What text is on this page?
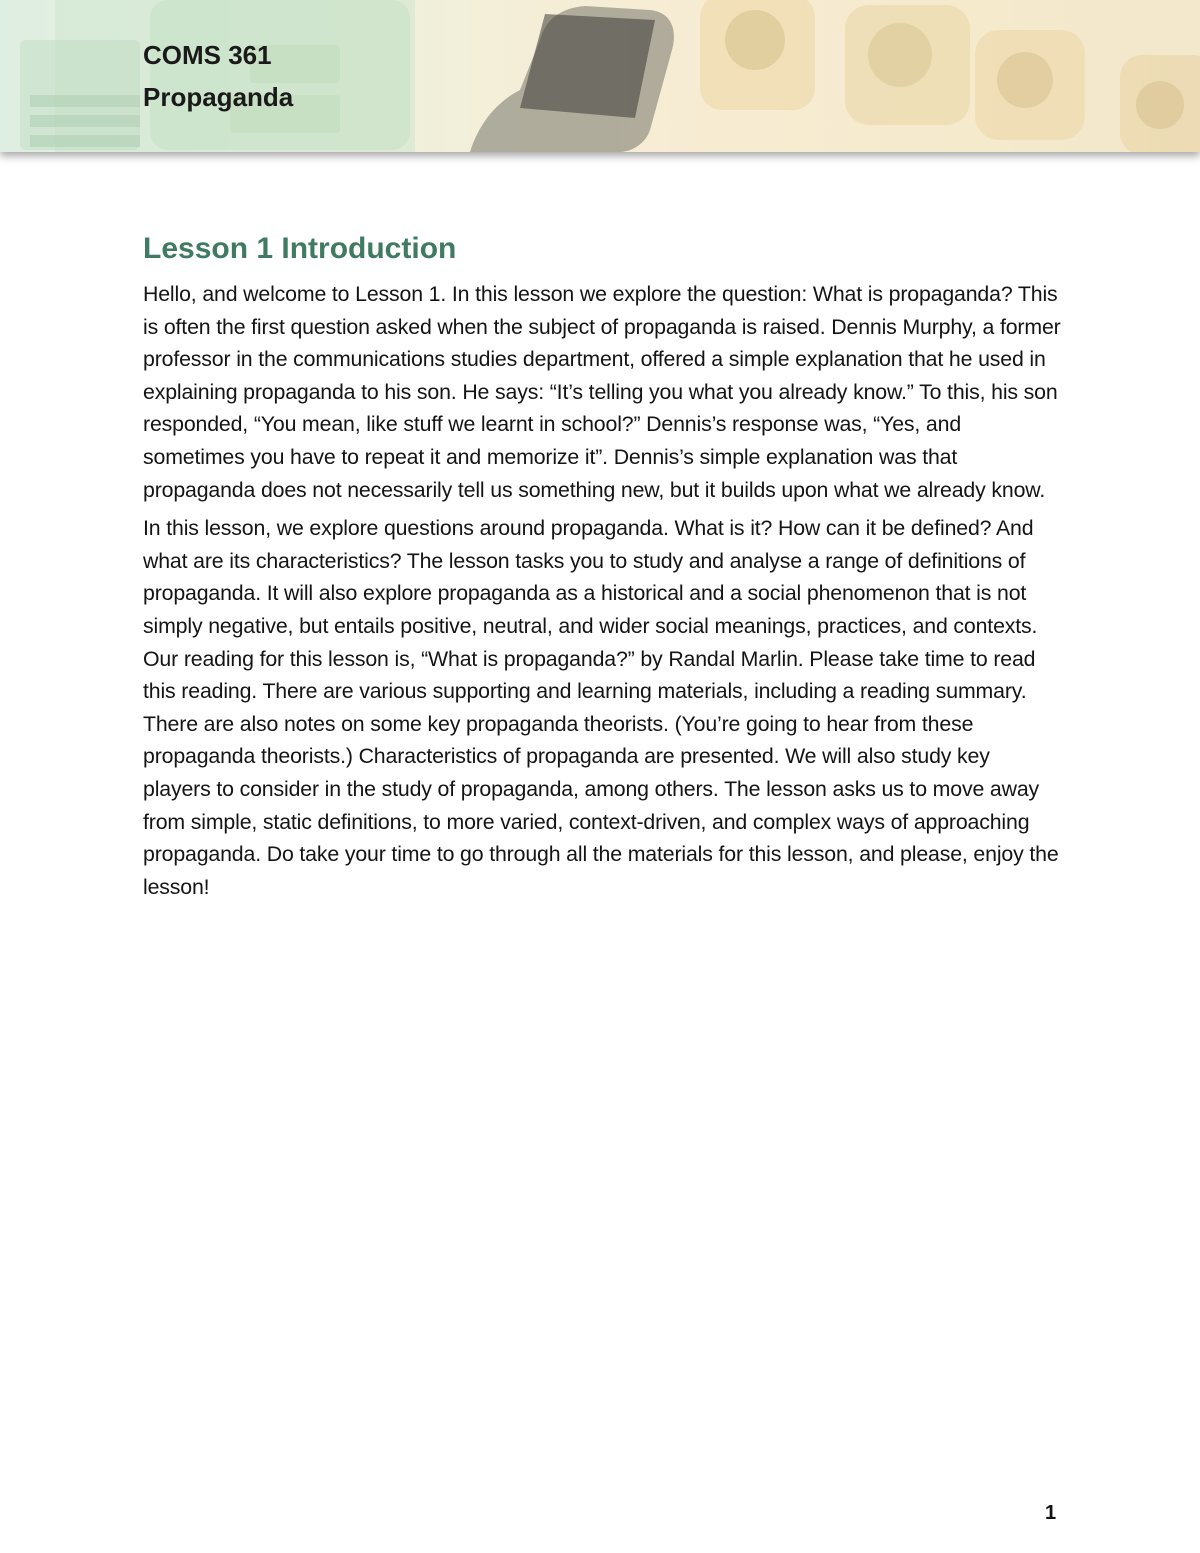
COMS 361
Propaganda
Lesson 1 Introduction

Hello, and welcome to Lesson 1. In this lesson we explore the question: What is propaganda? This is often the first question asked when the subject of propaganda is raised. Dennis Murphy, a former professor in the communications studies department, offered a simple explanation that he used in explaining propaganda to his son. He says: “It’s telling you what you already know.” To this, his son responded, “You mean, like stuff we learnt in school?” Dennis’s response was, “Yes, and sometimes you have to repeat it and memorize it”. Dennis’s simple explanation was that propaganda does not necessarily tell us something new, but it builds upon what we already know.

In this lesson, we explore questions around propaganda. What is it? How can it be defined? And what are its characteristics? The lesson tasks you to study and analyse a range of definitions of propaganda. It will also explore propaganda as a historical and a social phenomenon that is not simply negative, but entails positive, neutral, and wider social meanings, practices, and contexts. Our reading for this lesson is, “What is propaganda?” by Randal Marlin. Please take time to read this reading. There are various supporting and learning materials, including a reading summary. There are also notes on some key propaganda theorists. (You’re going to hear from these propaganda theorists.) Characteristics of propaganda are presented. We will also study key players to consider in the study of propaganda, among others. The lesson asks us to move away from simple, static definitions, to more varied, context-driven, and complex ways of approaching propaganda. Do take your time to go through all the materials for this lesson, and please, enjoy the lesson!

1
